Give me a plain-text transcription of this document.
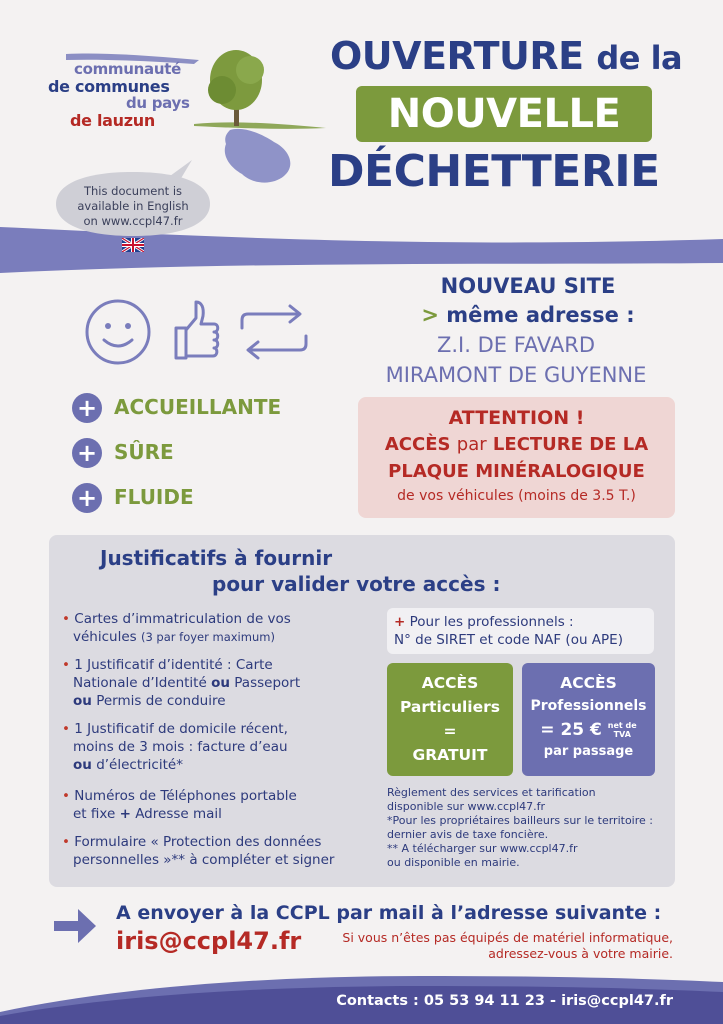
communauté
de communes
du pays
de lauzun
This document is
available in English
on www.ccpl47.fr
OUVERTURE de la
NOUVELLE
DÉCHETTERIE
+ ACCUEILLANTE
+ SÛRE
+ FLUIDE
NOUVEAU SITE
> même adresse :
Z.I. DE FAVARD
MIRAMONT DE GUYENNE
ATTENTION !
ACCÈS par LECTURE DE LA
PLAQUE MINÉRALOGIQUE
de vos véhicules (moins de 3.5 T.)
Justificatifs à fournir
pour valider votre accès :
• Cartes d’immatriculation de vos
véhicules (3 par foyer maximum)
• 1 Justificatif d’identité : Carte
Nationale d’Identité ou Passeport
ou Permis de conduire
• 1 Justificatif de domicile récent,
moins de 3 mois : facture d’eau
ou d’électricité*
• Numéros de Téléphones portable
et fixe + Adresse mail
• Formulaire « Protection des données
personnelles »** à compléter et signer
+ Pour les professionnels :
N° de SIRET et code NAF (ou APE)
ACCÈS
Particuliers
=
GRATUIT
ACCÈS
Professionnels
= 25 € net de
TVA
par passage
Règlement des services et tarification
disponible sur www.ccpl47.fr
*Pour les propriétaires bailleurs sur le territoire :
dernier avis de taxe foncière.
** A télécharger sur www.ccpl47.fr
ou disponible en mairie.
A envoyer à la CCPL par mail à l’adresse suivante :
iris@ccpl47.fr	Si vous n’êtes pas équipés de matériel informatique,
adressez-vous à votre mairie.
Contacts : 05 53 94 11 23 - iris@ccpl47.fr
